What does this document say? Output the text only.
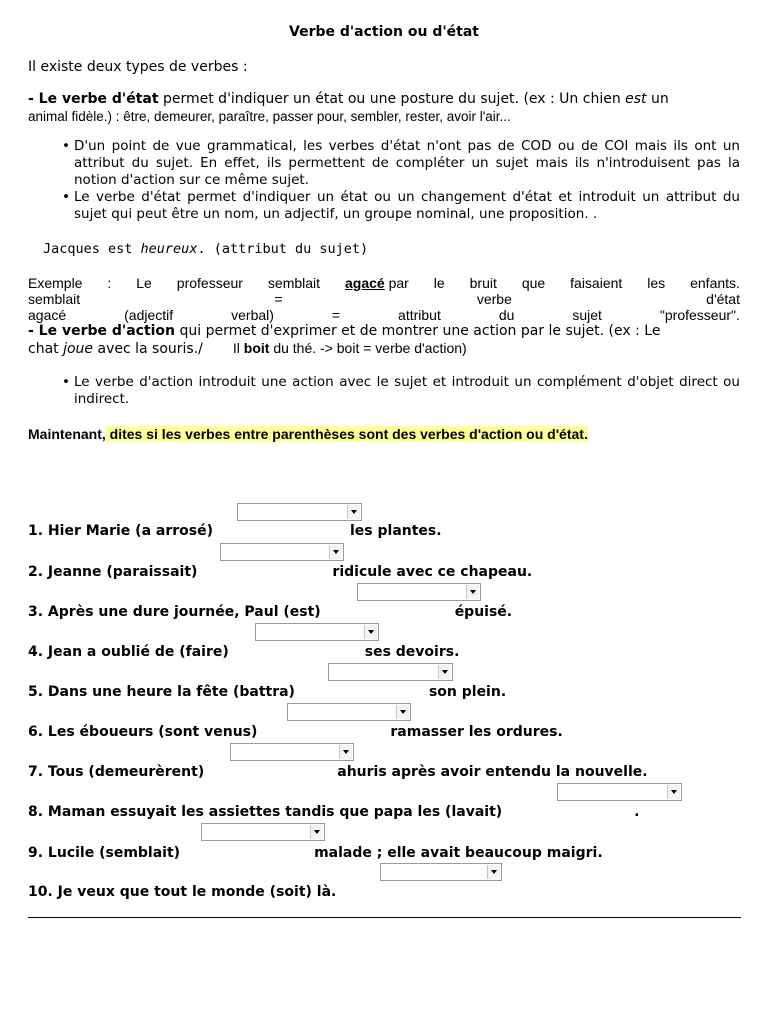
Verbe d'action ou d'état
Il existe deux types de verbes :

- Le verbe d'état permet d'indiquer un état ou une posture du sujet. (ex : Un chien est un
animal fidèle.) : être, demeurer, paraître, passer pour, sembler, rester, avoir l'air...

• D'un point de vue grammatical, les verbes d'état n'ont pas de COD ou de COI mais ils ont un attribut du sujet. En effet, ils permettent de compléter un sujet mais ils n'introduisent pas la notion d'action sur ce même sujet.
• Le verbe d'état permet d'indiquer un état ou un changement d'état et introduit un attribut du sujet qui peut être un nom, un adjectif, un groupe nominal, une proposition. .
Jacques est heureux. (attribut du sujet)
Exemple : Le professeur semblait agacé par le bruit que faisaient les enfants.
semblait	=	verbe	d'état
agacé	(adjectif	verbal)	=	attribut	du	sujet	"professeur".
- Le verbe d'action qui permet d'exprimer et de montrer une action par le sujet. (ex : Le
chat joue avec la souris./ Il boit du thé. -> boit = verbe d'action)
• Le verbe d'action introduit une action avec le sujet et introduit un complément d'objet direct ou indirect.
Maintenant, dites si les verbes entre parenthèses sont des verbes d'action ou d'état.
1. Hier Marie (a arrosé)	les plantes.
2. Jeanne (paraissait)	ridicule avec ce chapeau.
3. Après une dure journée, Paul (est)	épuisé.
4. Jean a oublié de (faire)	ses devoirs.
5. Dans une heure la fête (battra)	son plein.
6. Les éboueurs (sont venus)	ramasser les ordures.
7. Tous (demeurèrent)	ahuris après avoir entendu la nouvelle.
8. Maman essuyait les assiettes tandis que papa les (lavait)	.
9. Lucile (semblait)	malade ; elle avait beaucoup maigri.
10. Je veux que tout le monde (soit) là.
